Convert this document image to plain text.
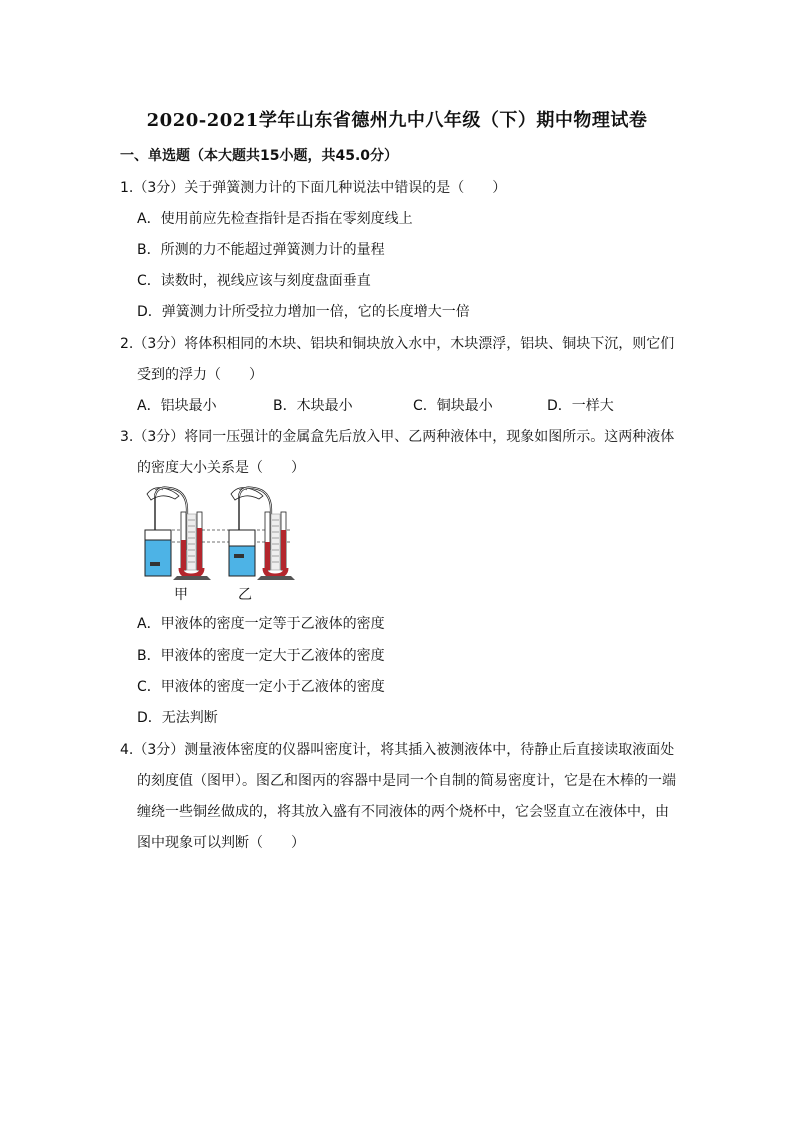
2020-2021学年山东省德州九中八年级（下）期中物理试卷
一、单选题（本大题共15小题，共45.0分）
1.（3分）关于弹簧测力计的下面几种说法中错误的是（　　）
A．使用前应先检查指针是否指在零刻度线上
B．所测的力不能超过弹簧测力计的量程
C．读数时，视线应该与刻度盘面垂直
D．弹簧测力计所受拉力增加一倍，它的长度增大一倍
2.（3分）将体积相同的木块、铝块和铜块放入水中，木块漂浮，铝块、铜块下沉，则它们
受到的浮力（　　）
A．铝块最小	B．木块最小	C．铜块最小	D．一样大
3.（3分）将同一压强计的金属盒先后放入甲、乙两种液体中，现象如图所示。这两种液体
的密度大小关系是（　　）
甲	乙
A．甲液体的密度一定等于乙液体的密度
B．甲液体的密度一定大于乙液体的密度
C．甲液体的密度一定小于乙液体的密度
D．无法判断
4.（3分）测量液体密度的仪器叫密度计，将其插入被测液体中，待静止后直接读取液面处
的刻度值（图甲）。图乙和图丙的容器中是同一个自制的简易密度计，它是在木棒的一端
缠绕一些铜丝做成的，将其放入盛有不同液体的两个烧杯中，它会竖直立在液体中，由
图中现象可以判断（　　）
